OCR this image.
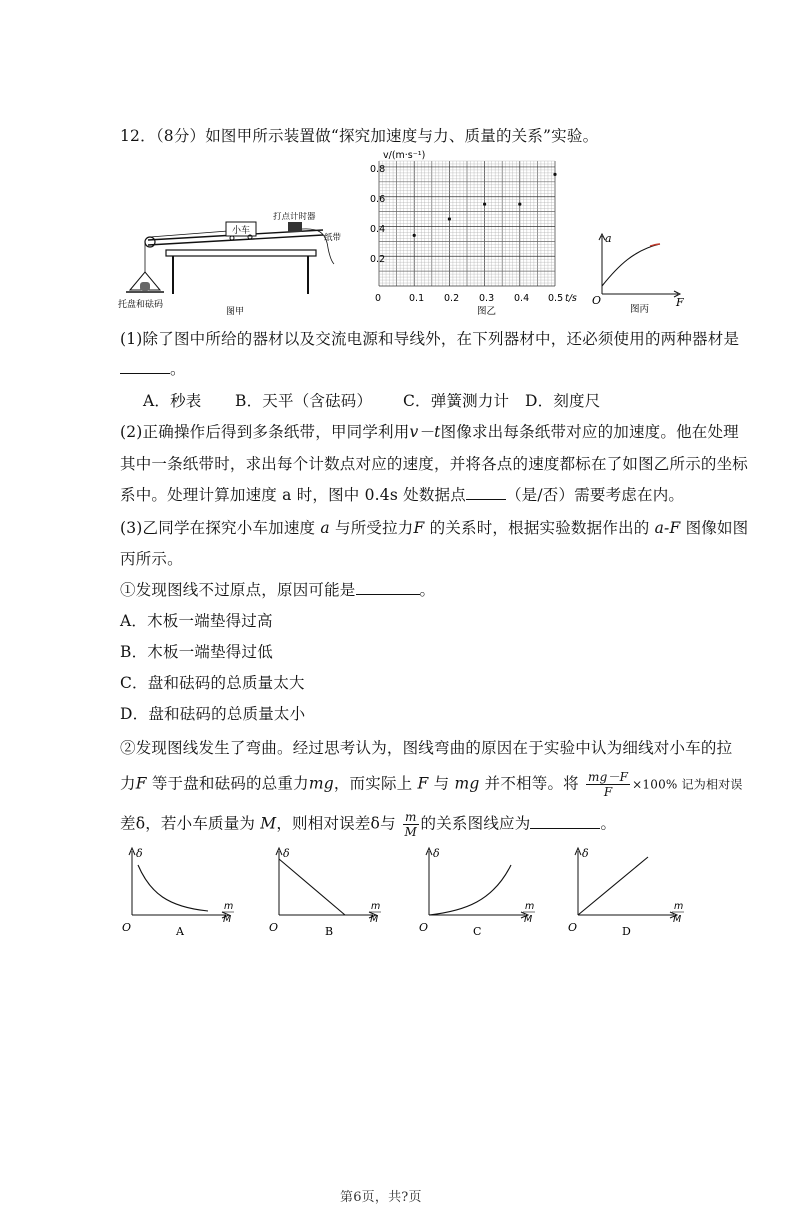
12．（8分）如图甲所示装置做“探究加速度与力、质量的关系”实验。
小车
打点计时器
纸带
托盘和砝码
图甲
v/(m·s⁻¹)
t/s
0
0.8
0.6
0.4
0.2
0.1 0.2 0.3 0.4 0.5
图乙
a
F
O
图丙
(1)除了图中所给的器材以及交流电源和导线外，在下列器材中，还必须使用的两种器材是
。
A．秒表 B．天平（含砝码） C．弹簧测力计 D．刻度尺
(2)正确操作后得到多条纸带，甲同学利用v－t图像求出每条纸带对应的加速度。他在处理
其中一条纸带时，求出每个计数点对应的速度，并将各点的速度都标在了如图乙所示的坐标
系中。处理计算加速度 a 时，图中 0.4s 处数据点	（是/否）需要考虑在内。
(3)乙同学在探究小车加速度 a 与所受拉力F 的关系时，根据实验数据作出的 a-F 图像如图
丙所示。
①发现图线不过原点，原因可能是	。
A．木板一端垫得过高
B．木板一端垫得过低
C．盘和砝码的总质量太大
D．盘和砝码的总质量太小
②发现图线发生了弯曲。经过思考认为，图线弯曲的原因在于实验中认为细线对小车的拉
力F 等于盘和砝码的总重力mg，而实际上 F 与 mg 并不相等。将 $\frac{mg-F}{F} \times 100\%$ 记为相对误
差δ，若小车质量为 M，则相对误差δ与 $\frac{m}{M}$ 的关系图线应为	。
δ
O
m
M
A
δ
O
m
M
B
δ
O
m
M
C
δ
O
m
M
D
第6页，共?页
